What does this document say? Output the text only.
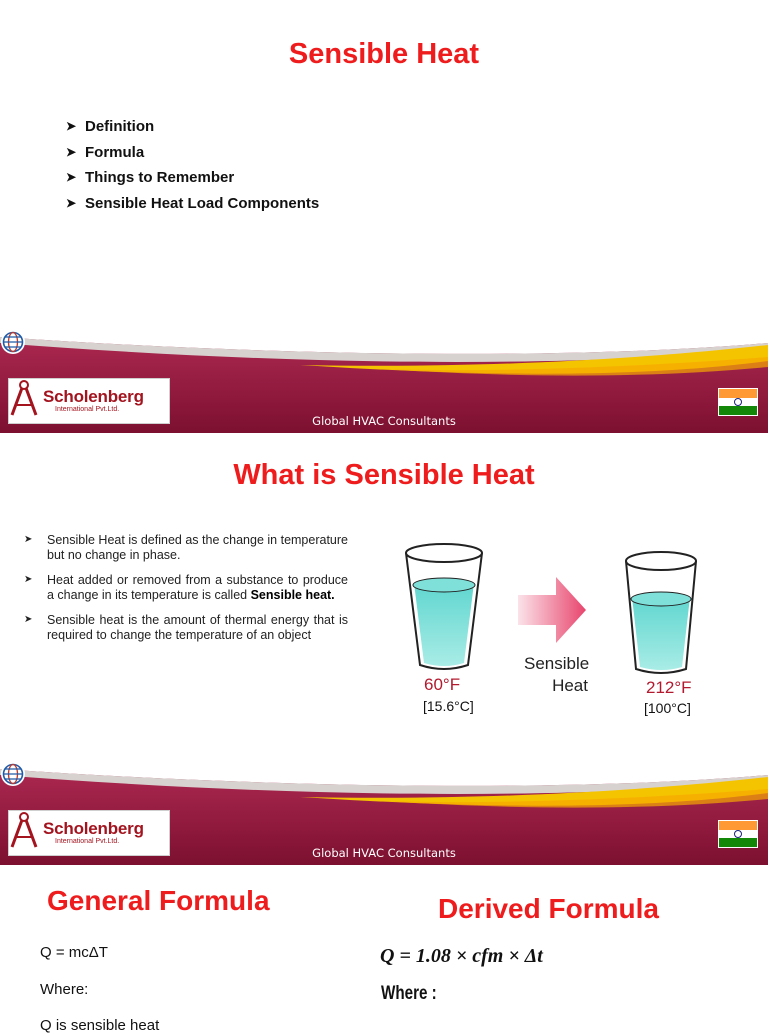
Sensible Heat
➤ Definition
➤ Formula
➤ Things to Remember
➤ Sensible Heat Load Components
Scholenberg
International Pvt.Ltd.
Global HVAC Consultants
What is Sensible Heat
➤ Sensible Heat is defined as the change in temperature but no change in phase.
➤ Heat added or removed from a substance to produce a change in its temperature is called Sensible heat.
➤ Sensible heat is the amount of thermal energy that is required to change the temperature of an object
60°F
[15.6°C]
Sensible
Heat	212°F
[100°C]
Scholenberg
International Pvt.Ltd.
Global HVAC Consultants
General Formula	Derived Formula
Q = mcΔT
Where:
Q is sensible heat
Q = 1.08 × cfm × Δt
Where :
